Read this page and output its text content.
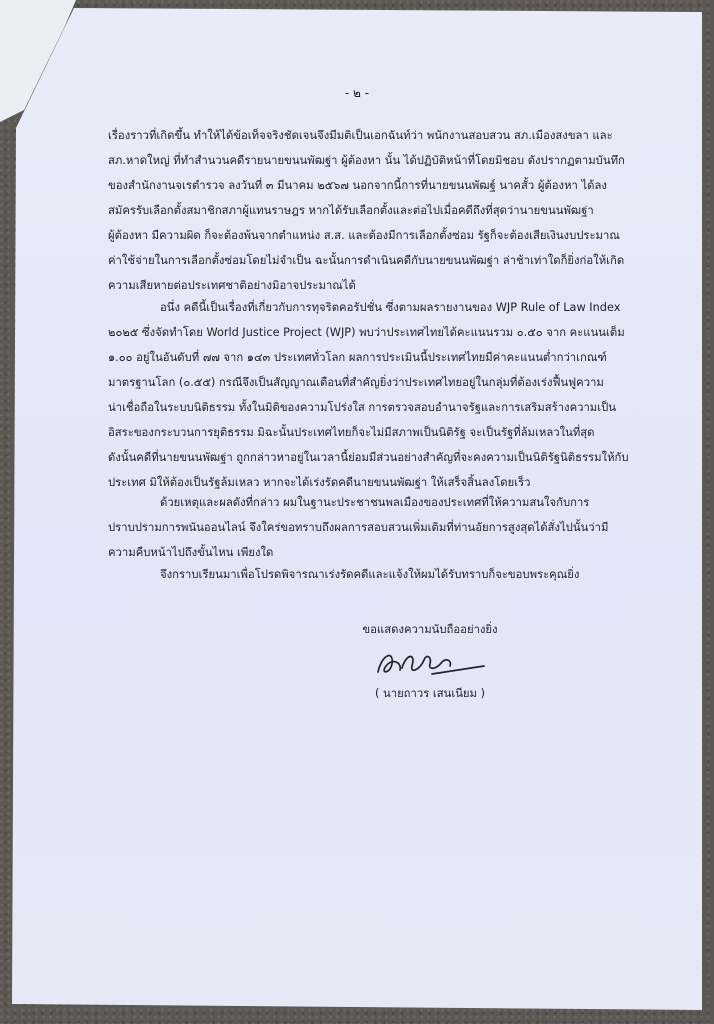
- ๒ -
เรื่องราวที่เกิดขึ้น ทำให้ได้ข้อเท็จจริงชัดเจนจึงมีมติเป็นเอกฉันท์ว่า พนักงานสอบสวน สภ.เมืองสงขลา และ
สภ.หาดใหญ่ ที่ทำสำนวนคดีรายนายขนนพัฒฐ่า ผู้ต้องหา นั้น ได้ปฏิบัติหน้าที่โดยมิชอบ ดังปรากฏตามบันทึก
ของสำนักงานจเรตำรวจ ลงวันที่ ๓ มีนาคม ๒๕๖๗ นอกจากนี้การที่นายขนนพัฒฐ์ นาคสั้ว ผู้ต้องหา ได้ลง
สมัครรับเลือกตั้งสมาชิกสภาผู้แทนราษฎร หากได้รับเลือกตั้งและต่อไปเมื่อคดีถึงที่สุดว่านายขนนพัฒฐ่า
ผู้ต้องหา มีความผิด ก็จะต้องพ้นจากตำแหน่ง ส.ส. และต้องมีการเลือกตั้งซ่อม รัฐก็จะต้องเสียเงินงบประมาณ
ค่าใช้จ่ายในการเลือกตั้งซ่อมโดยไม่จำเป็น ฉะนั้นการดำเนินคดีกับนายขนนพัฒฐ่า ล่าช้าเท่าใดก็ยิ่งก่อให้เกิด
ความเสียหายต่อประเทศชาติอย่างมิอาจประมาณได้
อนึ่ง คดีนี้เป็นเรื่องที่เกี่ยวกับการทุจริตคอรัปชั่น ซึ่งตามผลรายงานของ WJP Rule of Law Index
๒๐๒๕ ซึ่งจัดทำโดย World Justice Project (WJP) พบว่าประเทศไทยได้คะแนนรวม ๐.๕๐ จาก คะแนนเต็ม
๑.๐๐ อยู่ในอันดับที่ ๗๗ จาก ๑๔๓ ประเทศทั่วโลก ผลการประเมินนี้ประเทศไทยมีค่าคะแนนต่ำกว่าเกณฑ์
มาตรฐานโลก (๐.๕๕) กรณีจึงเป็นสัญญาณเตือนที่สำคัญยิ่งว่าประเทศไทยอยู่ในกลุ่มที่ต้องเร่งฟื้นฟูความ
น่าเชื่อถือในระบบนิติธรรม ทั้งในมิติของความโปร่งใส การตรวจสอบอำนาจรัฐและการเสริมสร้างความเป็น
อิสระของกระบวนการยุติธรรม มิฉะนั้นประเทศไทยก็จะไม่มีสภาพเป็นนิติรัฐ จะเป็นรัฐที่ล้มเหลวในที่สุด
ดังนั้นคดีที่นายขนนพัฒฐ่า ถูกกล่าวหาอยู่ในเวลานี้ย่อมมีส่วนอย่างสำคัญที่จะคงความเป็นนิติรัฐนิติธรรมให้กับ
ประเทศ มิให้ต้องเป็นรัฐล้มเหลว หากจะได้เร่งรัดคดีนายขนนพัฒฐ่า ให้เสร็จสิ้นลงโดยเร็ว
ด้วยเหตุและผลดังที่กล่าว ผมในฐานะประชาชนพลเมืองของประเทศที่ให้ความสนใจกับการ
ปราบปรามการพนันออนไลน์ จึงใคร่ขอทราบถึงผลการสอบสวนเพิ่มเติมที่ท่านอัยการสูงสุดได้สั่งไปนั้นว่ามี
ความคืบหน้าไปถึงขั้นไหน เพียงใด
จึงกราบเรียนมาเพื่อโปรดพิจารณาเร่งรัดคดีและแจ้งให้ผมได้รับทราบก็จะขอบพระคุณยิ่ง
ขอแสดงความนับถืออย่างยิ่ง
( นายถาวร เสนเนียม )
